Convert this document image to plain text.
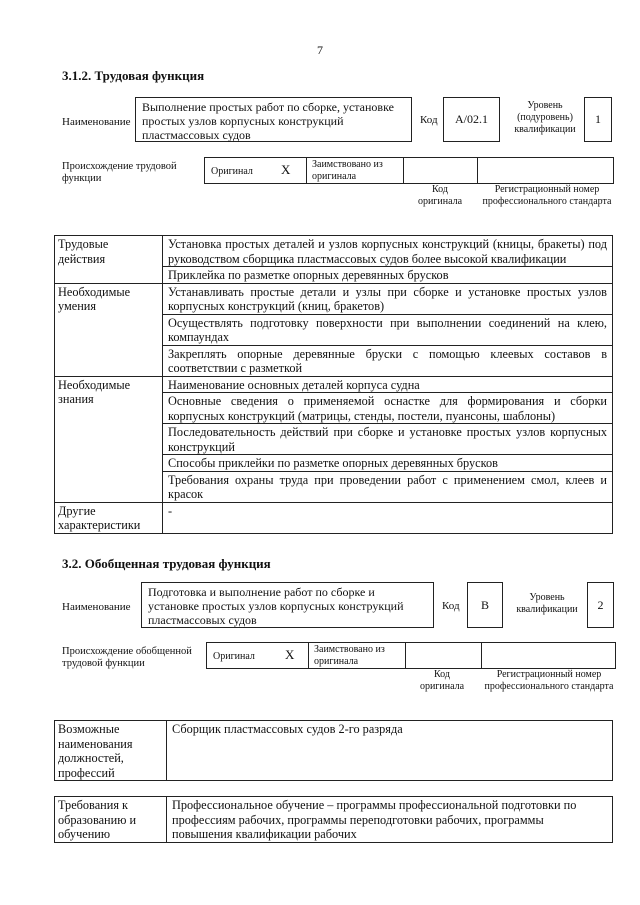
7
3.1.2. Трудовая функция
Наименование
Выполнение простых работ по сборке, установке простых узлов корпусных конструкций пластмассовых судов
Код	А/02.1
Уровень (подуровень) квалификации
1
Происхождение трудовой функции
Оригинал X Заимствовано из оригинала
Код оригинала
Регистрационный номер профессионального стандарта
Трудовые действия	Установка простых деталей и узлов корпусных конструкций (кницы, бракеты) под руководством сборщика пластмассовых судов более высокой квалификации
	Приклейка по разметке опорных деревянных брусков
Необходимые умения	Устанавливать простые детали и узлы при сборке и установке простых узлов корпусных конструкций (книц, бракетов)
	Осуществлять подготовку поверхности при выполнении соединений на клею, компаундах
	Закреплять опорные деревянные бруски с помощью клеевых составов в соответствии с разметкой
Необходимые знания	Наименование основных деталей корпуса судна
	Основные сведения о применяемой оснастке для формирования и сборки корпусных конструкций (матрицы, стенды, постели, пуансоны, шаблоны)
	Последовательность действий при сборке и установке простых узлов корпусных конструкций
	Способы приклейки по разметке опорных деревянных брусков
	Требования охраны труда при проведении работ с применением смол, клеев и красок
Другие характеристики	-
3.2. Обобщенная трудовая функция
Наименование
Подготовка и выполнение работ по сборке и установке простых узлов корпусных конструкций пластмассовых судов
Код	B
Уровень квалификации	2
Происхождение обобщенной трудовой функции
Оригинал X Заимствовано из оригинала
Код оригинала
Регистрационный номер профессионального стандарта
Возможные наименования должностей, профессий	Сборщик пластмассовых судов 2-го разряда
Требования к образованию и обучению	Профессиональное обучение – программы профессиональной подготовки по профессиям рабочих, программы переподготовки рабочих, программы повышения квалификации рабочих
